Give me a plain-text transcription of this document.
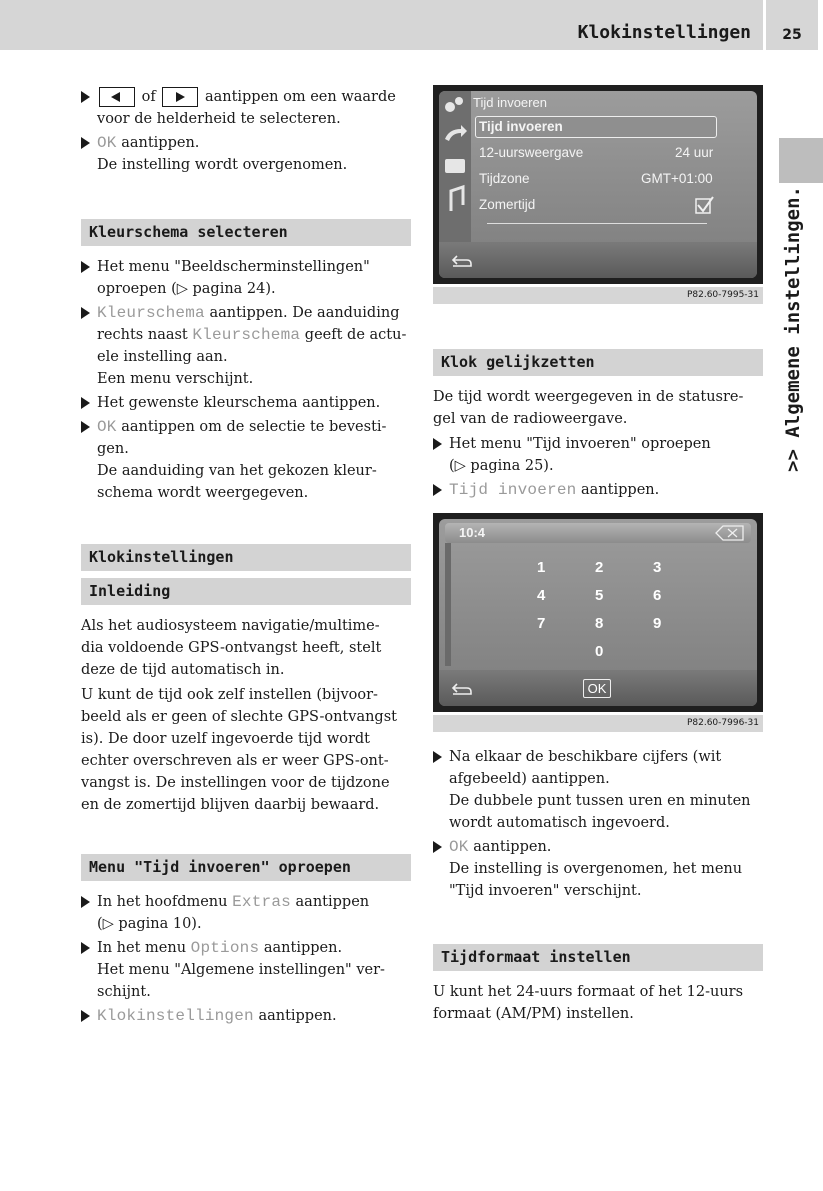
Klokinstellingen	25
>> Algemene instellingen.
of	aantippen om een waarde
voor de helderheid te selecteren.
OK aantippen.
De instelling wordt overgenomen.
Kleurschema selecteren
Het menu "Beeldscherminstellingen"
oproepen (▷ pagina 24).
Kleurschema aantippen. De aanduiding
rechts naast Kleurschema geeft de actu-
ele instelling aan.
Een menu verschijnt.
Het gewenste kleurschema aantippen.
OK aantippen om de selectie te bevesti-
gen.
De aanduiding van het gekozen kleur-
schema wordt weergegeven.
Klokinstellingen
Inleiding
Als het audiosysteem navigatie/multime-
dia voldoende GPS-ontvangst heeft, stelt
deze de tijd automatisch in.
U kunt de tijd ook zelf instellen (bijvoor-
beeld als er geen of slechte GPS-ontvangst
is). De door uzelf ingevoerde tijd wordt
echter overschreven als er weer GPS-ont-
vangst is. De instellingen voor de tijdzone
en de zomertijd blijven daarbij bewaard.
Menu "Tijd invoeren" oproepen
In het hoofdmenu Extras aantippen
(▷ pagina 10).
In het menu Options aantippen.
Het menu "Algemene instellingen" ver-
schijnt.
Klokinstellingen aantippen.
Tijd invoeren
Tijd invoeren
12-uursweergave	24 uur
Tijdzone	GMT+01:00
Zomertijd
P82.60-7995-31
Klok gelijkzetten
De tijd wordt weergegeven in de statusre-
gel van de radioweergave.
Het menu "Tijd invoeren" oproepen
(▷ pagina 25).
Tijd invoeren aantippen.
10:4
1	2	3
4	5	6
7	8	9
0
OK
P82.60-7996-31
Na elkaar de beschikbare cijfers (wit
afgebeeld) aantippen.
De dubbele punt tussen uren en minuten
wordt automatisch ingevoerd.
OK aantippen.
De instelling is overgenomen, het menu
"Tijd invoeren" verschijnt.
Tijdformaat instellen
U kunt het 24-uurs formaat of het 12-uurs
formaat (AM/PM) instellen.
